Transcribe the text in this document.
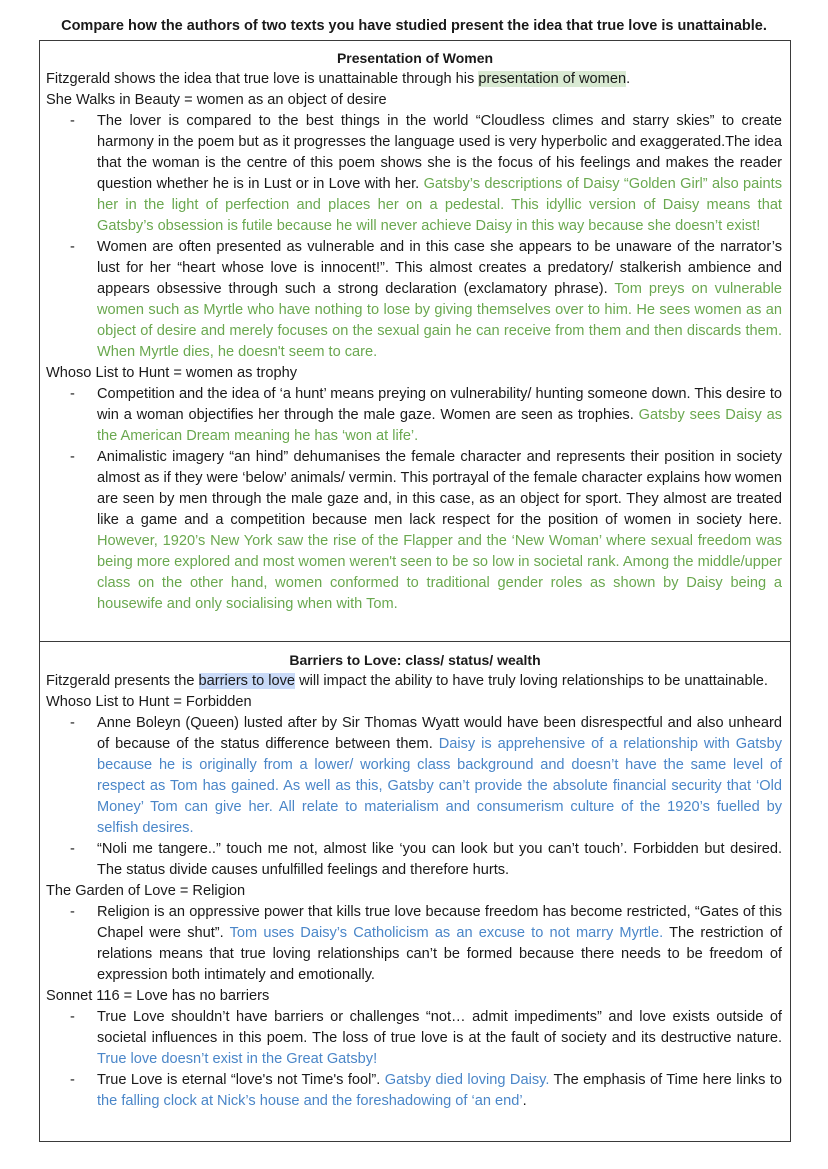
Compare how the authors of two texts you have studied present the idea that true love is unattainable.
Presentation of Women
Fitzgerald shows the idea that true love is unattainable through his presentation of women.
She Walks in Beauty = women as an object of desire
- The lover is compared to the best things in the world “Cloudless climes and starry skies” to create harmony in the poem but as it progresses the language used is very hyperbolic and exaggerated.The idea that the woman is the centre of this poem shows she is the focus of his feelings and makes the reader question whether he is in Lust or in Love with her. Gatsby’s descriptions of Daisy “Golden Girl” also paints her in the light of perfection and places her on a pedestal. This idyllic version of Daisy means that Gatsby’s obsession is futile because he will never achieve Daisy in this way because she doesn’t exist!
- Women are often presented as vulnerable and in this case she appears to be unaware of the narrator’s lust for her “heart whose love is innocent!”. This almost creates a predatory/ stalkerish ambience and appears obsessive through such a strong declaration (exclamatory phrase). Tom preys on vulnerable women such as Myrtle who have nothing to lose by giving themselves over to him. He sees women as an object of desire and merely focuses on the sexual gain he can receive from them and then discards them. When Myrtle dies, he doesn't seem to care.
Whoso List to Hunt = women as trophy
- Competition and the idea of ‘a hunt’ means preying on vulnerability/ hunting someone down. This desire to win a woman objectifies her through the male gaze. Women are seen as trophies. Gatsby sees Daisy as the American Dream meaning he has ‘won at life’.
- Animalistic imagery “an hind” dehumanises the female character and represents their position in society almost as if they were ‘below’ animals/ vermin. This portrayal of the female character explains how women are seen by men through the male gaze and, in this case, as an object for sport. They almost are treated like a game and a competition because men lack respect for the position of women in society here. However, 1920’s New York saw the rise of the Flapper and the ‘New Woman’ where sexual freedom was being more explored and most women weren't seen to be so low in societal rank. Among the middle/upper class on the other hand, women conformed to traditional gender roles as shown by Daisy being a housewife and only socialising when with Tom.
Barriers to Love: class/ status/ wealth
Fitzgerald presents the barriers to love will impact the ability to have truly loving relationships to be unattainable.
Whoso List to Hunt = Forbidden
- Anne Boleyn (Queen) lusted after by Sir Thomas Wyatt would have been disrespectful and also unheard of because of the status difference between them. Daisy is apprehensive of a relationship with Gatsby because he is originally from a lower/ working class background and doesn’t have the same level of respect as Tom has gained. As well as this, Gatsby can’t provide the absolute financial security that ‘Old Money’ Tom can give her. All relate to materialism and consumerism culture of the 1920’s fuelled by selfish desires.
- “Noli me tangere..” touch me not, almost like ‘you can look but you can’t touch’. Forbidden but desired. The status divide causes unfulfilled feelings and therefore hurts.
The Garden of Love = Religion
- Religion is an oppressive power that kills true love because freedom has become restricted, “Gates of this Chapel were shut”. Tom uses Daisy’s Catholicism as an excuse to not marry Myrtle. The restriction of relations means that true loving relationships can’t be formed because there needs to be freedom of expression both intimately and emotionally.
Sonnet 116 = Love has no barriers
- True Love shouldn’t have barriers or challenges “not… admit impediments” and love exists outside of societal influences in this poem. The loss of true love is at the fault of society and its destructive nature. True love doesn’t exist in the Great Gatsby!
- True Love is eternal “love's not Time's fool”. Gatsby died loving Daisy. The emphasis of Time here links to the falling clock at Nick’s house and the foreshadowing of ‘an end’.
